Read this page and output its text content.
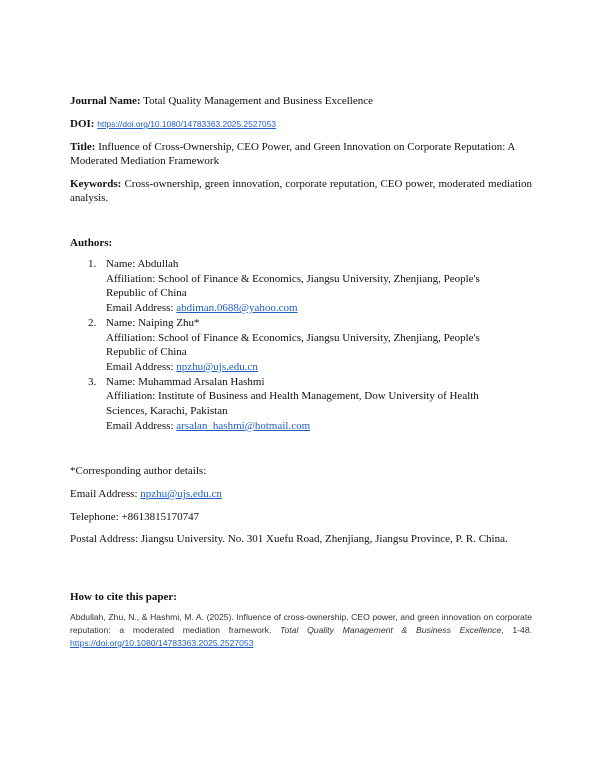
Journal Name: Total Quality Management and Business Excellence

DOI: https://doi.org/10.1080/14783363.2025.2527053

Title: Influence of Cross-Ownership, CEO Power, and Green Innovation on Corporate Reputation: A Moderated Mediation Framework

Keywords: Cross-ownership, green innovation, corporate reputation, CEO power, moderated mediation analysis.

Authors:

1. Name: Abdullah
Affiliation: School of Finance & Economics, Jiangsu University, Zhenjiang, People's Republic of China
Email Address: abdiman.0688@yahoo.com
2. Name: Naiping Zhu*
Affiliation: School of Finance & Economics, Jiangsu University, Zhenjiang, People's Republic of China
Email Address: npzhu@ujs.edu.cn
3. Name: Muhammad Arsalan Hashmi
Affiliation: Institute of Business and Health Management, Dow University of Health Sciences, Karachi, Pakistan
Email Address: arsalan_hashmi@hotmail.com

*Corresponding author details:

Email Address: npzhu@ujs.edu.cn

Telephone: +8613815170747

Postal Address: Jiangsu University. No. 301 Xuefu Road, Zhenjiang, Jiangsu Province, P. R. China.

How to cite this paper:

Abdullah, Zhu, N., & Hashmi, M. A. (2025). Influence of cross-ownership, CEO power, and green innovation on corporate reputation: a moderated mediation framework. Total Quality Management & Business Excellence, 1-48. https://doi.org/10.1080/14783363.2025.2527053
